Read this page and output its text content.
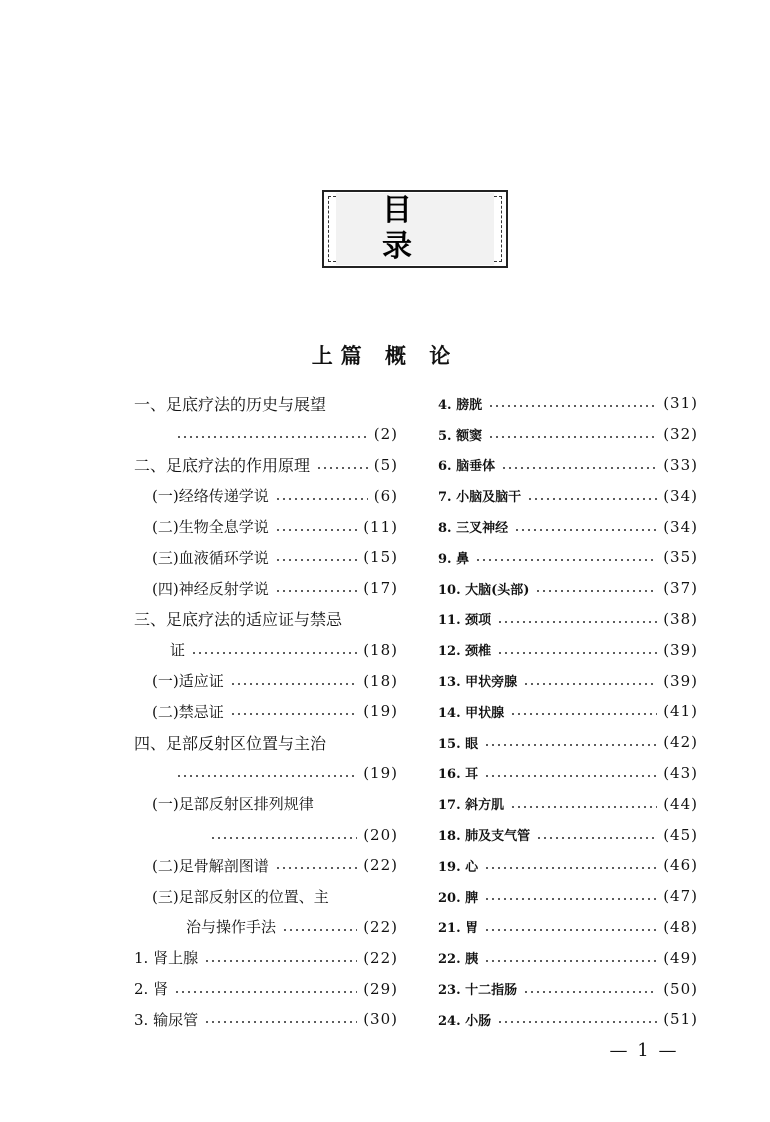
目录
上篇 概 论
一、足底疗法的历史与展望
(2)
二、足底疗法的作用原理	(5)
(一)经络传递学说	(6)
(二)生物全息学说	(11)
(三)血液循环学说	(15)
(四)神经反射学说	(17)
三、足底疗法的适应证与禁忌
证	(18)
(一)适应证	(18)
(二)禁忌证	(19)
四、足部反射区位置与主治
(19)
(一)足部反射区排列规律
(20)
(二)足骨解剖图谱	(22)
(三)足部反射区的位置、主
治与操作手法	(22)
1. 肾上腺	(22)
2. 肾	(29)
3. 输尿管	(30)
4. 膀胱	(31)
5. 额窦	(32)
6. 脑垂体	(33)
7. 小脑及脑干	(34)
8. 三叉神经	(34)
9. 鼻	(35)
10. 大脑(头部)	(37)
11. 颈项	(38)
12. 颈椎	(39)
13. 甲状旁腺	(39)
14. 甲状腺	(41)
15. 眼	(42)
16. 耳	(43)
17. 斜方肌	(44)
18. 肺及支气管	(45)
19. 心	(46)
20. 脾	(47)
21. 胃	(48)
22. 胰	(49)
23. 十二指肠	(50)
24. 小肠	(51)
— 1 —
